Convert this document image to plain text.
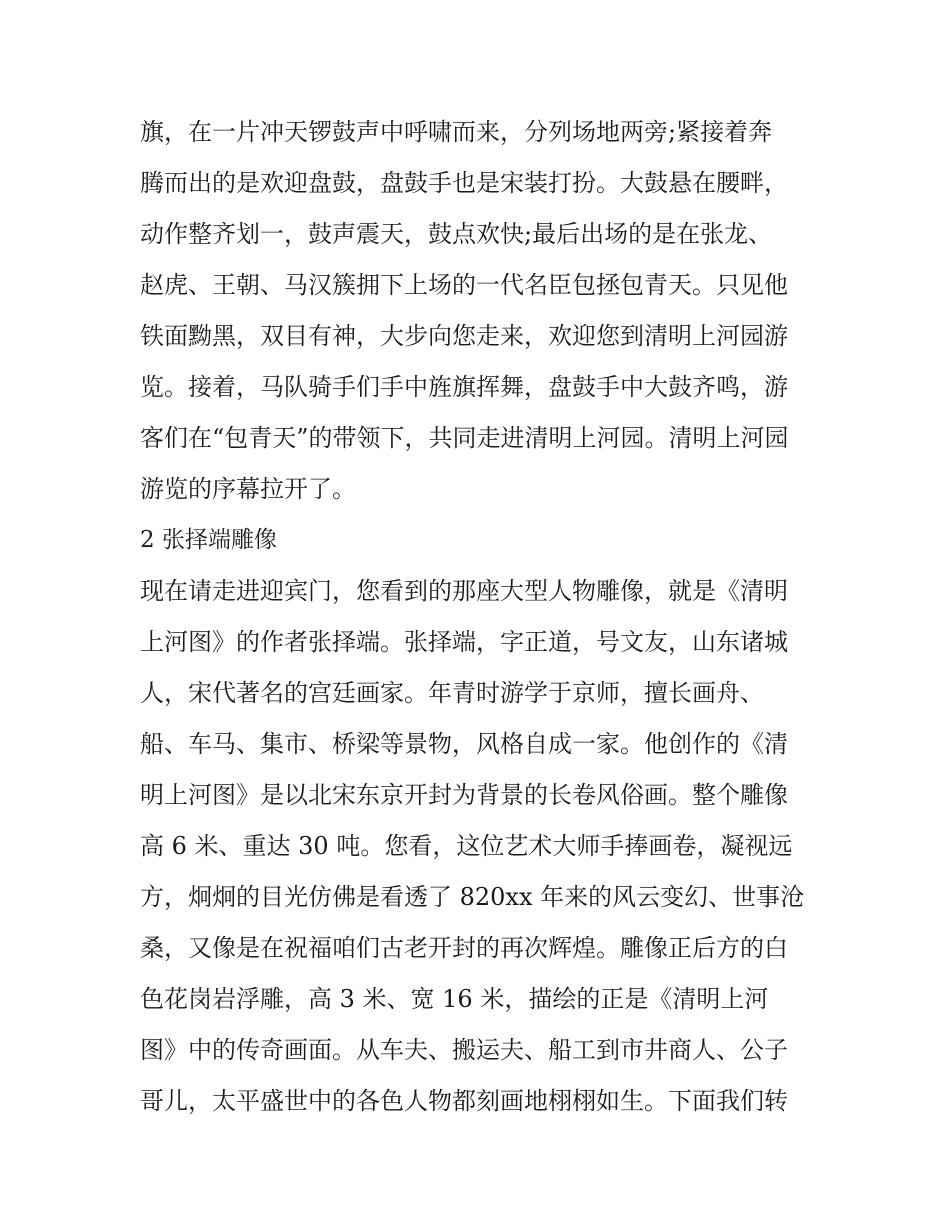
旗，在一片冲天锣鼓声中呼啸而来，分列场地两旁;紧接着奔
腾而出的是欢迎盘鼓，盘鼓手也是宋装打扮。大鼓悬在腰畔，
动作整齐划一，鼓声震天，鼓点欢快;最后出场的是在张龙、
赵虎、王朝、马汉簇拥下上场的一代名臣包拯包青天。只见他
铁面黝黑，双目有神，大步向您走来，欢迎您到清明上河园游
览。接着，马队骑手们手中旌旗挥舞，盘鼓手中大鼓齐鸣，游
客们在“包青天”的带领下，共同走进清明上河园。清明上河园
游览的序幕拉开了。
2 张择端雕像
现在请走进迎宾门，您看到的那座大型人物雕像，就是《清明
上河图》的作者张择端。张择端，字正道，号文友，山东诸城
人，宋代著名的宫廷画家。年青时游学于京师，擅长画舟、
船、车马、集市、桥梁等景物，风格自成一家。他创作的《清
明上河图》是以北宋东京开封为背景的长卷风俗画。整个雕像
高 6 米、重达 30 吨。您看，这位艺术大师手捧画卷，凝视远
方，炯炯的目光仿佛是看透了 820xx 年来的风云变幻、世事沧
桑，又像是在祝福咱们古老开封的再次辉煌。雕像正后方的白
色花岗岩浮雕，高 3 米、宽 16 米，描绘的正是《清明上河
图》中的传奇画面。从车夫、搬运夫、船工到市井商人、公子
哥儿，太平盛世中的各色人物都刻画地栩栩如生。下面我们转
